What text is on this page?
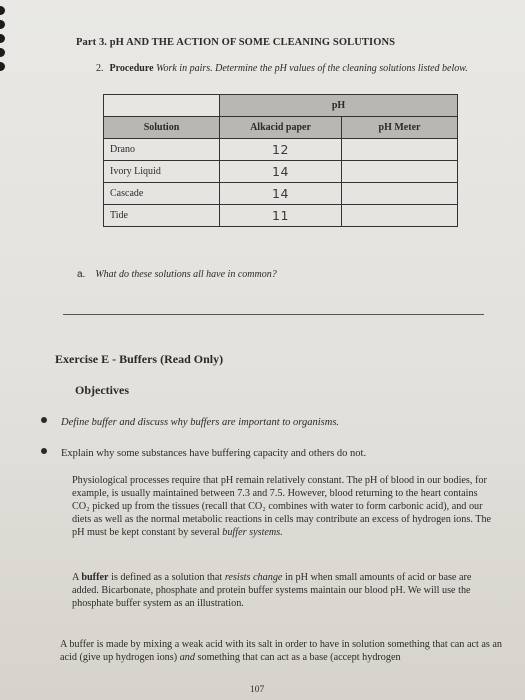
Part 3. pH AND THE ACTION OF SOME CLEANING SOLUTIONS
2. Procedure Work in pairs. Determine the pH values of the cleaning solutions listed below.
	pH	
Solution	Alkacid paper	pH Meter
Drano	12	
Ivory Liquid	14	
Cascade	14	
Tide	11	
a. What do these solutions all have in common?
Exercise E - Buffers (Read Only)
Objectives
Define buffer and discuss why buffers are important to organisms.
Explain why some substances have buffering capacity and others do not.
Physiological processes require that pH remain relatively constant. The pH of blood in our bodies, for example, is usually maintained between 7.3 and 7.5. However, blood returning to the heart contains CO₂ picked up from the tissues (recall that CO₂ combines with water to form carbonic acid), and our diets as well as the normal metabolic reactions in cells may contribute an excess of hydrogen ions. The pH must be kept constant by several buffer systems.
A buffer is defined as a solution that resists change in pH when small amounts of acid or base are added. Bicarbonate, phosphate and protein buffer systems maintain our blood pH. We will use the phosphate buffer system as an illustration.
A buffer is made by mixing a weak acid with its salt in order to have in solution something that can act as an acid (give up hydrogen ions) and something that can act as a base (accept hydrogen
107
